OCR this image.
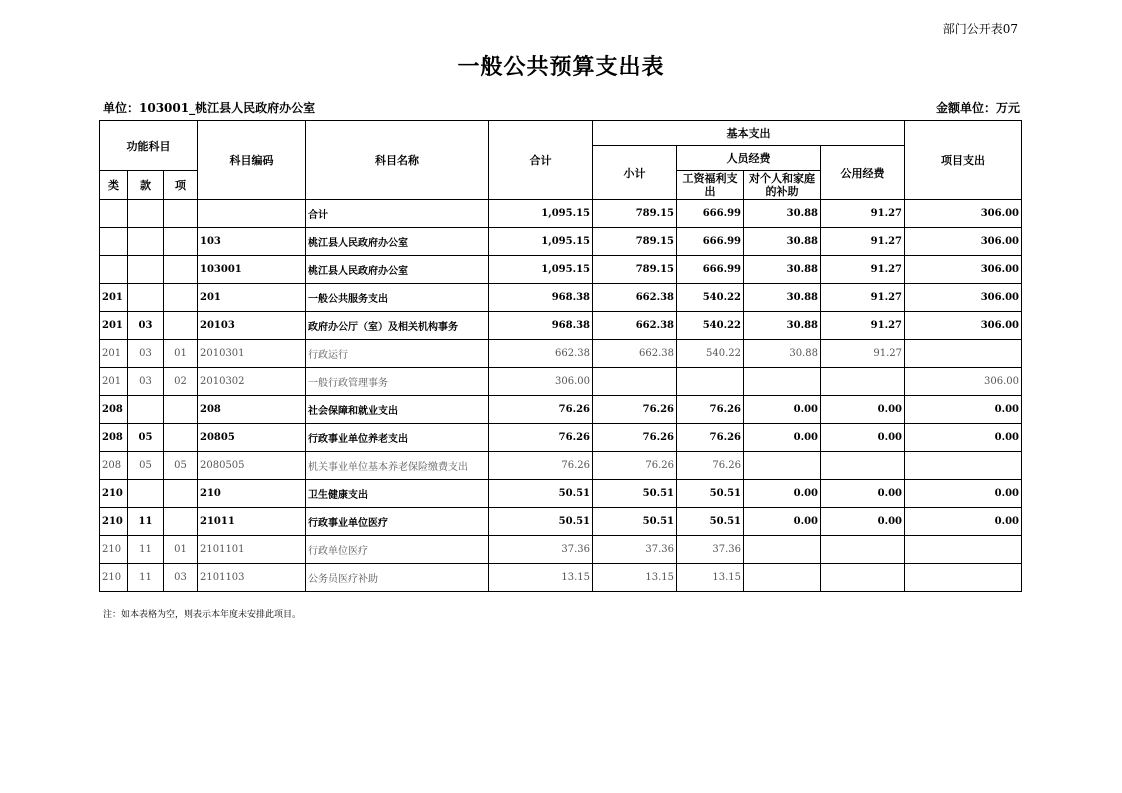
部门公开表07
一般公共预算支出表
单位：103001_桃江县人民政府办公室	金额单位：万元
功能科目			科目编码	科目名称	合计	基本支出				项目支出
						小计	人员经费		公用经费	
类	款	项					工资福利支出	对个人和家庭的补助		
				合计	1,095.15	789.15	666.99	30.88	91.27	306.00
			103	桃江县人民政府办公室	1,095.15	789.15	666.99	30.88	91.27	306.00
			103001	桃江县人民政府办公室	1,095.15	789.15	666.99	30.88	91.27	306.00
201			201	一般公共服务支出	968.38	662.38	540.22	30.88	91.27	306.00
201	03		20103	政府办公厅（室）及相关机构事务	968.38	662.38	540.22	30.88	91.27	306.00
201	03	01	2010301	行政运行	662.38	662.38	540.22	30.88	91.27	
201	03	02	2010302	一般行政管理事务	306.00					306.00
208			208	社会保障和就业支出	76.26	76.26	76.26	0.00	0.00	0.00
208	05		20805	行政事业单位养老支出	76.26	76.26	76.26	0.00	0.00	0.00
208	05	05	2080505	机关事业单位基本养老保险缴费支出	76.26	76.26	76.26			
210			210	卫生健康支出	50.51	50.51	50.51	0.00	0.00	0.00
210	11		21011	行政事业单位医疗	50.51	50.51	50.51	0.00	0.00	0.00
210	11	01	2101101	行政单位医疗	37.36	37.36	37.36			
210	11	03	2101103	公务员医疗补助	13.15	13.15	13.15			
注：如本表格为空，则表示本年度未安排此项目。
